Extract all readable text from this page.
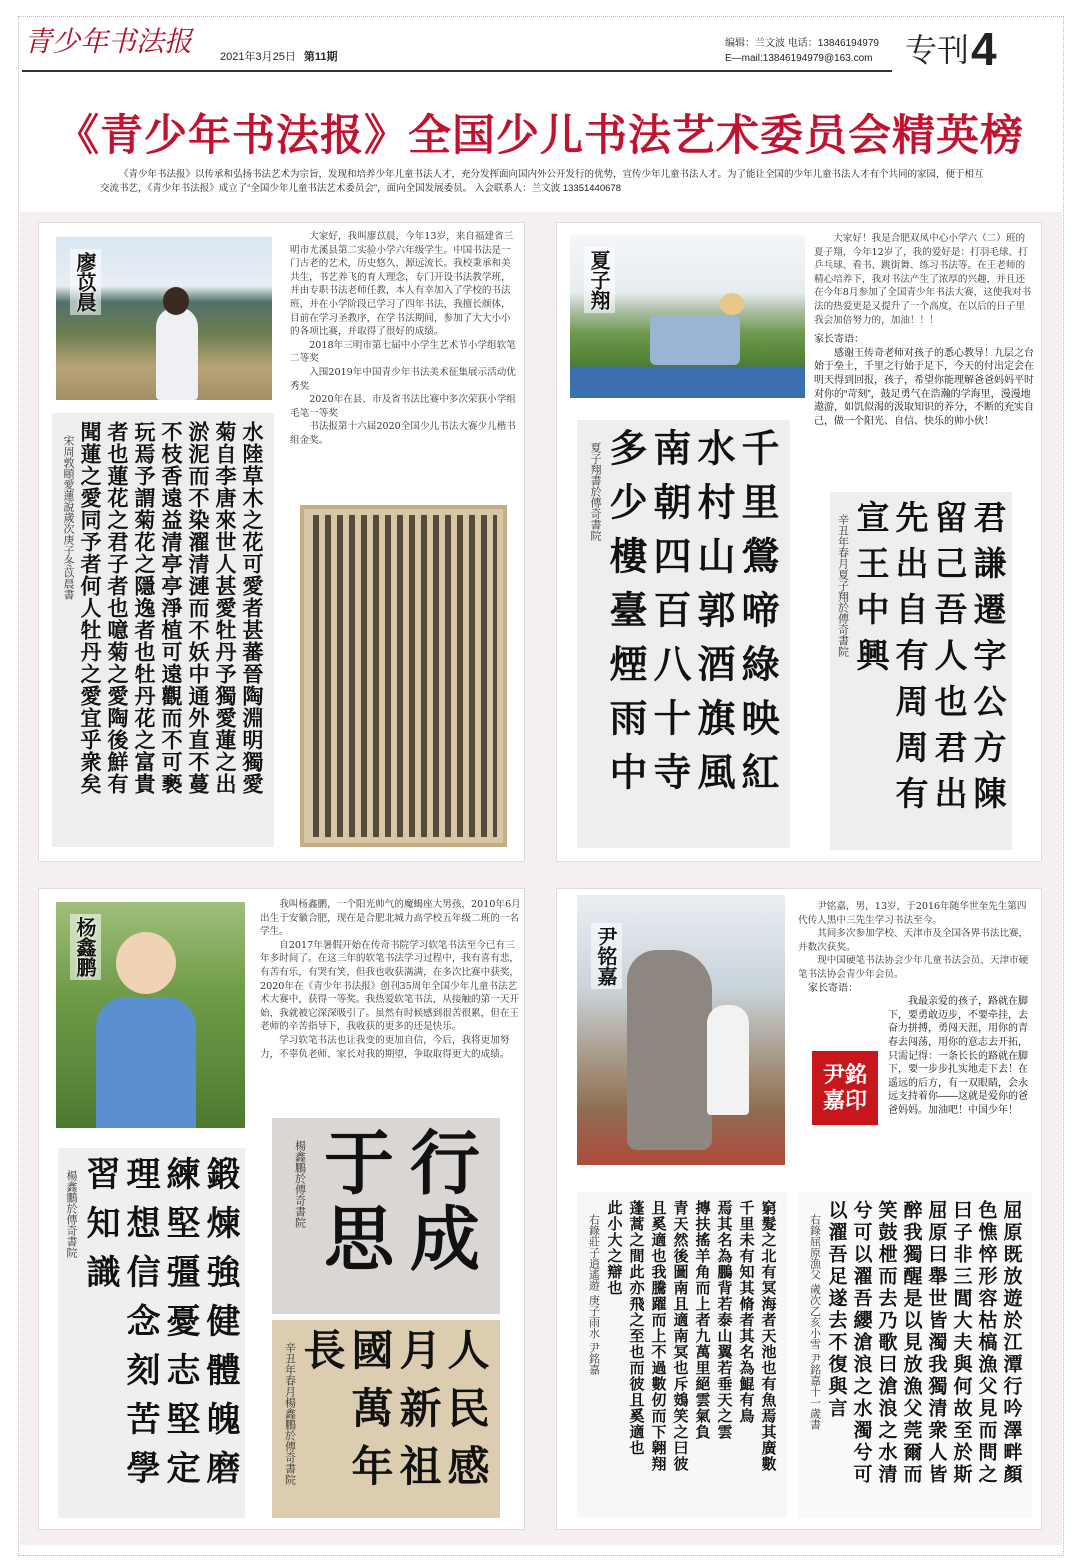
青少年书法报	2021年3月25日 第11期
编辑：兰文波 电话：13846194979
E—mail:13846194979@163.com 专刊4
《青少年书法报》全国少儿书法艺术委员会精英榜
《青少年书法报》以传承和弘扬书法艺术为宗旨，发现和培养少年儿童书法人才，充分发挥面向国内外公开发行的优势，宣传少年儿童书法人才。为了能让全国的少年儿童书法人才有个共同的家园，便于相互交流书艺，《青少年书法报》成立了“全国少年儿童书法艺术委员会”，面向全国发展委员。 入会联系人：兰文波 13351440678
廖苡晨

大家好，我叫廖苡晨，今年13岁，来自福建省三明市尤溪县第二实验小学六年级学生。中国书法是一门古老的艺术，历史悠久，源远流长。我校秉承和美共生，书艺养飞的育人理念，专门开设书法教学班，并由专职书法老师任教，本人有幸加入了学校的书法班，并在小学阶段已学习了四年书法，我擅长颜体，目前在学习圣教序，在学书法期间，参加了大大小小的各项比赛，并取得了很好的成绩。

2018年三明市第七届中小学生艺术节小学组软笔二等奖

入围2019年中国青少年书法美术征集展示活动优秀奖

2020年在县、市及省书法比赛中多次荣获小学组毛笔一等奖

书法报第十六届2020全国少儿书法大赛少儿楷书组金奖。

水陸草木之花可愛者甚蕃晉陶淵明獨愛
菊自李唐來世人甚愛牡丹予獨愛蓮之出
淤泥而不染濯清漣而不妖中通外直不蔓
不枝香遠益清亭亭淨植可遠觀而不可褻
玩焉予謂菊花之隱逸者也牡丹花之富貴
者也蓮花之君子者也噫菊之愛陶後鮮有
聞蓮之愛同予者何人牡丹之愛宜乎衆矣
宋周敦頤愛蓮說歲次庚子冬苡晨書
夏子翔

大家好！我是合肥双凤中心小学六（二）班的夏子翔，今年12岁了，我的爱好是：打羽毛球、打乒乓球、看书、跳街舞、练习书法等。在王老师的精心培养下，我对书法产生了浓厚的兴趣，并且还在今年8月参加了全国青少年书法大赛，这使我对书法的热爱更是又提升了一个高度，在以后的日子里我会加倍努力的，加油！！！

家长寄语：

感谢王传奇老师对孩子的悉心教导！九层之台始于垒土，千里之行始于足下，今天的付出定会在明天得到回报，孩子，希望你能理解爸爸妈妈平时对你的“苛刻”，鼓足勇气在浩瀚的学海里，漫漫地遨游，如饥似渴的汲取知识的养分，不断的充实自己，做一个阳光、自信、快乐的帅小伙！

千里鶯啼綠映紅
水村山郭酒旗風
南朝四百八十寺
多少樓臺煙雨中
夏子翔書於傳奇書院
君謙遷字公方陳
留己吾人也君出
先出自有周周有
宣王中興
辛丑年春月夏子翔於傳奇書院
杨鑫鹏

我叫杨鑫鹏，一个阳光帅气的魔蝎座大男孩，2010年6月出生于安徽合肥，现在是合肥北城力高学校五年级二班的一名学生。

自2017年暑假开始在传奇书院学习软笔书法至今已有三年多时间了。在这三年的软笔书法学习过程中，我有喜有悲，有苦有乐，有哭有笑，但我也收获满满，在多次比赛中获奖，2020年在《青少年书法报》创刊35周年全国少年儿童书法艺术大赛中，获得一等奖。我热爱软笔书法，从接触的第一天开始，我就被它深深吸引了。虽然有时候感到很苦很累，但在王老师的辛苦指导下，我收获的更多的还是快乐。

学习软笔书法也让我变的更加自信，今后，我将更加努力，不辜负老师、家长对我的期望，争取取得更大的成绩。

鍛煉強健體魄磨
練堅彊憂志堅定
理想信念刻苦學
習知識
楊鑫鵬於傳奇書院	行成
于思
楊鑫鵬於傳奇書院
人民感
月新祖
國萬年
長
辛丑年春月楊鑫鵬於傳奇書院
尹铭嘉

尹铭嘉，男，13岁，于2016年随华世奎先生第四代传人黑中三先生学习书法至今。

其间多次参加学校、天津市及全国各界书法比赛，并数次获奖。

现中国硬笔书法协会少年儿童书法会员、天津市硬笔书法协会青少年会员。

家长寄语：

尹銘嘉印
我最亲爱的孩子，路就在脚下，要勇敢迈步，不要牵挂，去奋力拼搏，勇闯天涯，用你的青春去闯荡，用你的意志去开拓，只需记得：一条长长的路就在脚下，要一步步扎实地走下去！在遥远的后方，有一双眼睛，会永远支持着你——这就是爱你的爸爸妈妈。加油吧！中国少年！
窮髮之北有冥海者天池也有魚焉其廣數
千里未有知其脩者其名為鯤有鳥
焉其名為鵬背若泰山翼若垂天之雲
摶扶搖羊角而上者九萬里絕雲氣負
青天然後圖南且適南冥也斥鴳笑之曰彼
且奚適也我騰躍而上不過數仞而下翱翔
蓬蒿之間此亦飛之至也而彼且奚適也
此小大之辯也
右錄莊子逍遙遊 庚子雨水 尹銘嘉	屈原既放遊於江潭行吟澤畔顏
色憔悴形容枯槁漁父見而問之
曰子非三閭大夫與何故至於斯
屈原曰舉世皆濁我獨清衆人皆
醉我獨醒是以見放漁父莞爾而
笑鼓枻而去乃歌曰滄浪之水清
兮可以濯吾纓滄浪之水濁兮可
以濯吾足遂去不復與言
右錄屈原漁父 歲次乙亥小雪 尹銘嘉十一歲書
